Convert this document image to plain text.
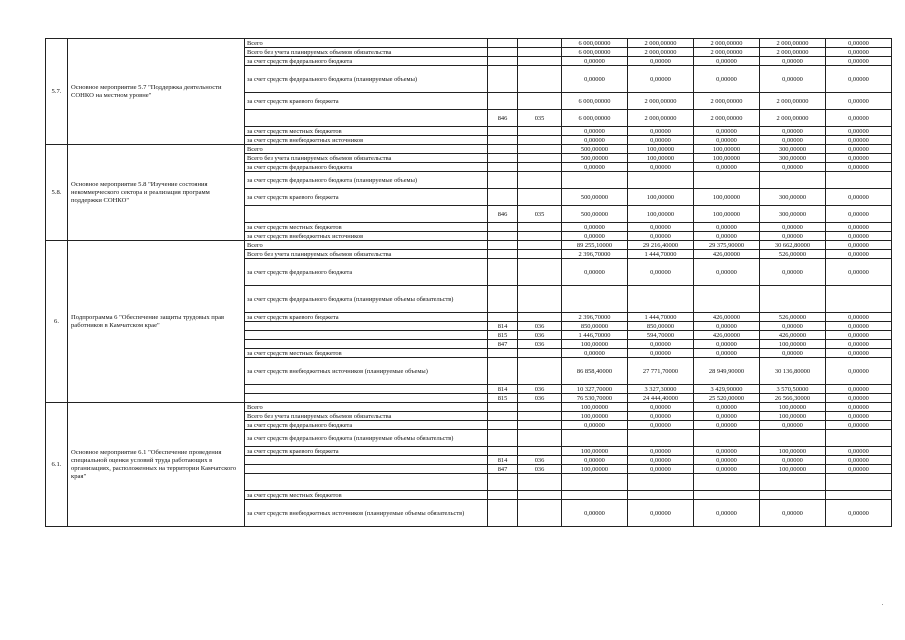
5.7.	Основное мероприятие 5.7 "Поддержка деятельности СОНКО на местном уровне"	Всего			6 000,00000	2 000,00000	2 000,00000	2 000,00000	0,00000
		Всего без учета планируемых объемов обязательства			6 000,00000	2 000,00000	2 000,00000	2 000,00000	0,00000
		за счет средств федерального бюджета			0,00000	0,00000	0,00000	0,00000	0,00000
		за счет средств федерального бюджета (планируемые объемы)			0,00000	0,00000	0,00000	0,00000	0,00000
		за счет средств краевого бюджета			6 000,00000	2 000,00000	2 000,00000	2 000,00000	0,00000
			846	035	6 000,00000	2 000,00000	2 000,00000	2 000,00000	0,00000
		за счет средств местных бюджетов			0,00000	0,00000	0,00000	0,00000	0,00000
		за счет средств внебюджетных источников			0,00000	0,00000	0,00000	0,00000	0,00000
5.8.	Основное мероприятие 5.8 "Изучение состояния некоммерческого сектора и реализация программ поддержки СОНКО"	Всего			500,00000	100,00000	100,00000	300,00000	0,00000
		Всего без учета планируемых объемов обязательства			500,00000	100,00000	100,00000	300,00000	0,00000
		за счет средств федерального бюджета			0,00000	0,00000	0,00000	0,00000	0,00000
		за счет средств федерального бюджета (планируемые объемы)							
		за счет средств краевого бюджета			500,00000	100,00000	100,00000	300,00000	0,00000
			846	035	500,00000	100,00000	100,00000	300,00000	0,00000
		за счет средств местных бюджетов			0,00000	0,00000	0,00000	0,00000	0,00000
		за счет средств внебюджетных источников			0,00000	0,00000	0,00000	0,00000	0,00000
6.	Подпрограмма 6 "Обеспечение защиты трудовых прав работников в Камчатском крае"	Всего			89 255,10000	29 216,40000	29 375,90000	30 662,80000	0,00000
		Всего без учета планируемых объемов обязательства			2 396,70000	1 444,70000	426,00000	526,00000	0,00000
		за счет средств федерального бюджета			0,00000	0,00000	0,00000	0,00000	0,00000
		за счет средств федерального бюджета (планируемые объемы обязательств)							
		за счет средств краевого бюджета			2 396,70000	1 444,70000	426,00000	526,00000	0,00000
			814	036	850,00000	850,00000	0,00000	0,00000	0,00000
			815	036	1 446,70000	594,70000	426,00000	426,00000	0,00000
			847	036	100,00000	0,00000	0,00000	100,00000	0,00000
		за счет средств местных бюджетов			0,00000	0,00000	0,00000	0,00000	0,00000
		за счет средств внебюджетных источников (планируемые объемы)			86 858,40000	27 771,70000	28 949,90000	30 136,80000	0,00000
			814	036	10 327,70000	3 327,30000	3 429,90000	3 570,50000	0,00000
			815	036	76 530,70000	24 444,40000	25 520,00000	26 566,30000	0,00000
6.1.	Основное мероприятие 6.1 "Обеспечение проведения специальной оценки условий труда работающих в организациях, расположенных на территории Камчатского края"	Всего			100,00000	0,00000	0,00000	100,00000	0,00000
		Всего без учета планируемых объемов обязательства			100,00000	0,00000	0,00000	100,00000	0,00000
		за счет средств федерального бюджета			0,00000	0,00000	0,00000	0,00000	0,00000
		за счет средств федерального бюджета (планируемые объемы обязательств)							
		за счет средств краевого бюджета			100,00000	0,00000	0,00000	100,00000	0,00000
			814	036	0,00000	0,00000	0,00000	0,00000	0,00000
			847	036	100,00000	0,00000	0,00000	100,00000	0,00000

		за счет средств местных бюджетов							
		за счет средств внебюджетных источников (планируемые объемы обязательств)			0,00000	0,00000	0,00000	0,00000	0,00000
